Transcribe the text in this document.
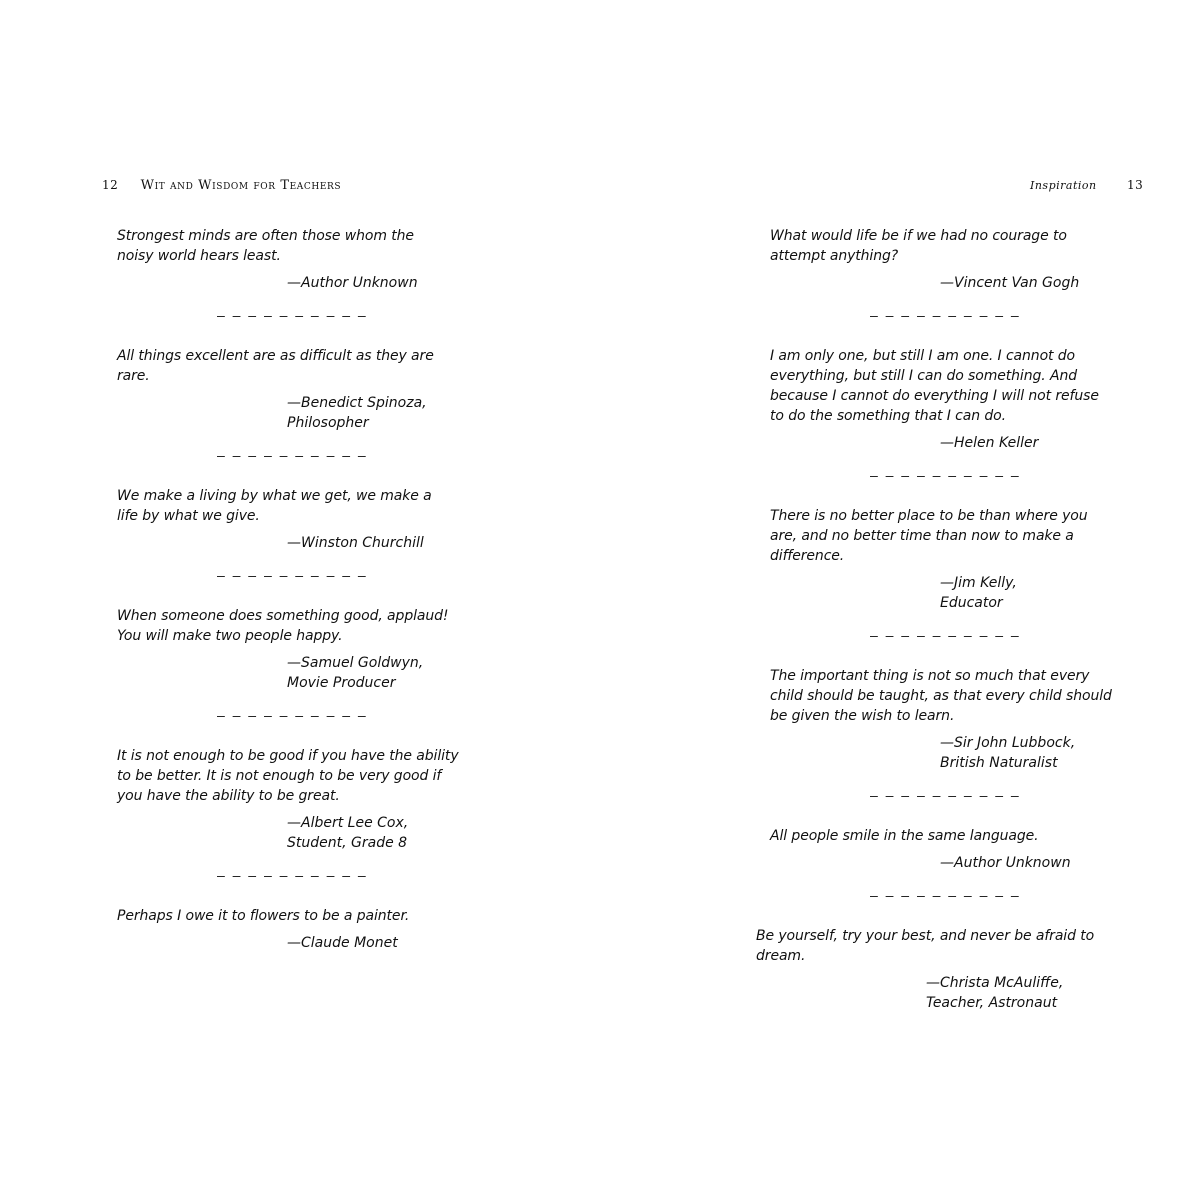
12 Wit and Wisdom for Teachers

Strongest minds are often those whom the noisy world hears least.

—Author Unknown

– – – – – – – – – –

All things excellent are as difficult as they are rare.

—Benedict Spinoza,
Philosopher

– – – – – – – – – –

We make a living by what we get, we make a life by what we give.

—Winston Churchill

– – – – – – – – – –

When someone does something good, applaud! You will make two people happy.

—Samuel Goldwyn,
Movie Producer

– – – – – – – – – –

It is not enough to be good if you have the ability to be better. It is not enough to be very good if you have the ability to be great.

—Albert Lee Cox,
Student, Grade 8

– – – – – – – – – –

Perhaps I owe it to flowers to be a painter.

—Claude Monet

Inspiration	13

What would life be if we had no courage to attempt anything?

—Vincent Van Gogh

– – – – – – – – – –

I am only one, but still I am one. I cannot do everything, but still I can do something. And because I cannot do everything I will not refuse to do the something that I can do.

—Helen Keller

– – – – – – – – – –

There is no better place to be than where you are, and no better time than now to make a difference.

—Jim Kelly,
Educator

– – – – – – – – – –

The important thing is not so much that every child should be taught, as that every child should be given the wish to learn.

—Sir John Lubbock,
British Naturalist

– – – – – – – – – –

All people smile in the same language.

—Author Unknown

– – – – – – – – – –

Be yourself, try your best, and never be afraid to dream.

—Christa McAuliffe,
Teacher, Astronaut
